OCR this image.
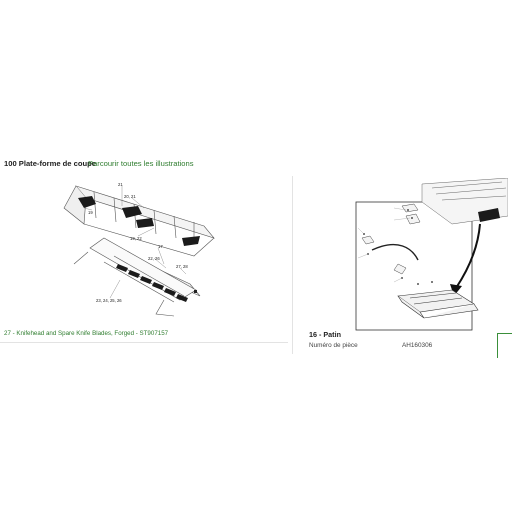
100 Plate-forme de coupe
Parcourir toutes les illustrations
21
20, 21
19
19, 22
17
22, 26
27, 28
23, 24, 25, 26
27 - Knifehead and Spare Knife Blades, Forged - ST907157	16 - Patin
Numéro de pièce	AH160306
